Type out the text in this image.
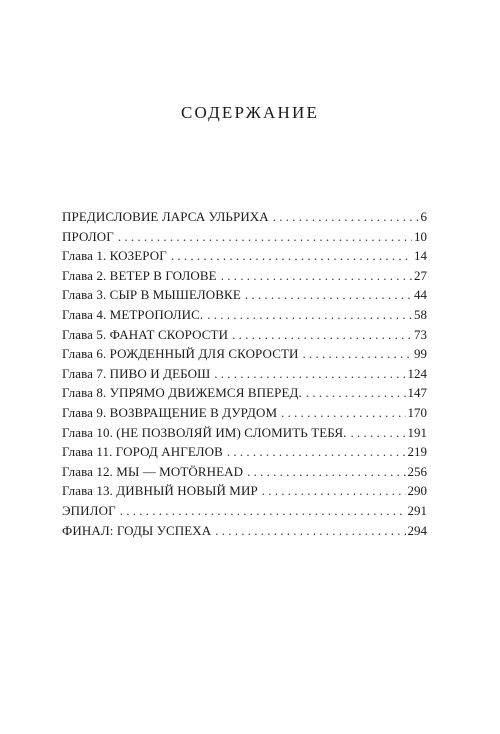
СОДЕРЖАНИЕ
ПРЕДИСЛОВИЕ ЛАРСА УЛЬРИХА . . .	6
ПРОЛОГ . . .	10
Глава 1. КОЗЕРОГ . . .	14
Глава 2. ВЕТЕР В ГОЛОВЕ . . .	27
Глава 3. СЫР В МЫШЕЛОВКЕ . . .	44
Глава 4. МЕТРОПОЛИС. . . .	58
Глава 5. ФАНАТ СКОРОСТИ . . .	73
Глава 6. РОЖДЕННЫЙ ДЛЯ СКОРОСТИ . . .	99
Глава 7. ПИВО И ДЕБОШ . . .	124
Глава 8. УПРЯМО ДВИЖЕМСЯ ВПЕРЕД. . . .	147
Глава 9. ВОЗВРАЩЕНИЕ В ДУРДОМ . . .	170
Глава 10. (НЕ ПОЗВОЛЯЙ ИМ) СЛОМИТЬ ТЕБЯ. . . .	191
Глава 11. ГОРОД АНГЕЛОВ . . .	219
Глава 12. МЫ — MOTÖRHEAD . . .	256
Глава 13. ДИВНЫЙ НОВЫЙ МИР . . .	290
ЭПИЛОГ . . .	291
ФИНАЛ: ГОДЫ УСПЕХА . . .	294
